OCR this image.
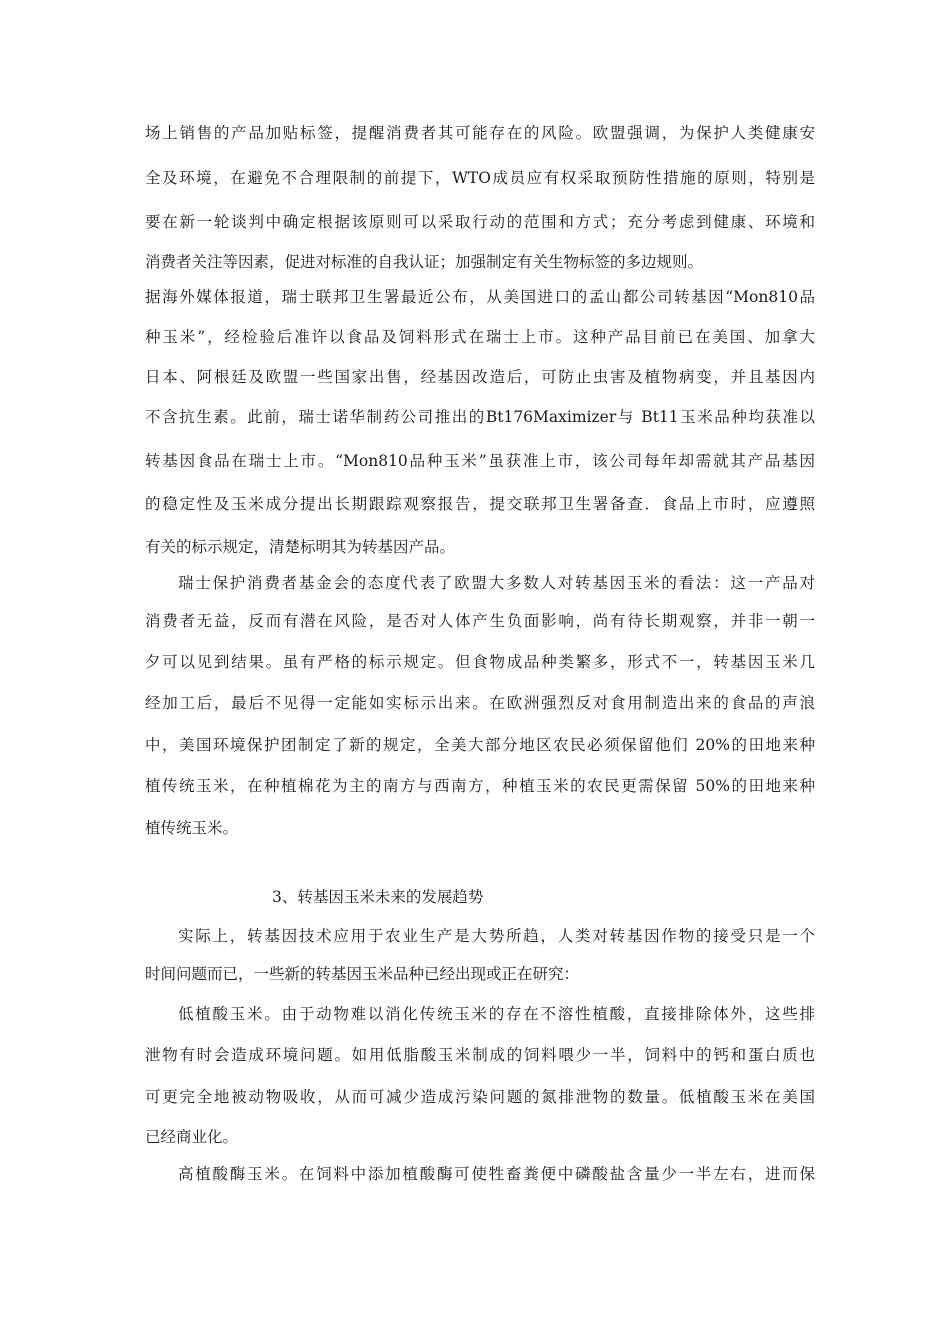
场上销售的产品加贴标签，提醒消费者其可能存在的风险。欧盟强调，为保护人类健康安
全及环境，在避免不合理限制的前提下，WTO成员应有权采取预防性措施的原则，特别是
要在新一轮谈判中确定根据该原则可以采取行动的范围和方式；充分考虑到健康、环境和
消费者关注等因素，促进对标准的自我认证；加强制定有关生物标签的多边规则。
据海外媒体报道，瑞士联邦卫生署最近公布，从美国进口的孟山都公司转基因“Mon810品
种玉米”，经检验后准许以食品及饲料形式在瑞士上市。这种产品目前已在美国、加拿大
日本、阿根廷及欧盟一些国家出售，经基因改造后，可防止虫害及植物病变，并且基因内
不含抗生素。此前，瑞士诺华制药公司推出的Bt176Maximizer与 Bt11玉米品种均获准以
转基因食品在瑞士上市。“Mon810品种玉米”虽获准上市，该公司每年却需就其产品基因
的稳定性及玉米成分提出长期跟踪观察报告，提交联邦卫生署备查．食品上市时，应遵照
有关的标示规定，清楚标明其为转基因产品。
瑞士保护消费者基金会的态度代表了欧盟大多数人对转基因玉米的看法：这一产品对
消费者无益，反而有潜在风险，是否对人体产生负面影响，尚有待长期观察，并非一朝一
夕可以见到结果。虽有严格的标示规定。但食物成品种类繁多，形式不一，转基因玉米几
经加工后，最后不见得一定能如实标示出来。在欧洲强烈反对食用制造出来的食品的声浪
中，美国环境保护团制定了新的规定，全美大部分地区农民必须保留他们 20%的田地来种
植传统玉米，在种植棉花为主的南方与西南方，种植玉米的农民更需保留 50%的田地来种
植传统玉米。
3、转基因玉米未来的发展趋势
实际上，转基因技术应用于农业生产是大势所趋，人类对转基因作物的接受只是一个
时间问题而已，一些新的转基因玉米品种已经出现或正在研究：
低植酸玉米。由于动物难以消化传统玉米的存在不溶性植酸，直接排除体外，这些排
泄物有时会造成环境问题。如用低脂酸玉米制成的饲料喂少一半，饲料中的钙和蛋白质也
可更完全地被动物吸收，从而可减少造成污染问题的氮排泄物的数量。低植酸玉米在美国
已经商业化。
高植酸酶玉米。在饲料中添加植酸酶可使牲畜粪便中磷酸盐含量少一半左右，进而保
